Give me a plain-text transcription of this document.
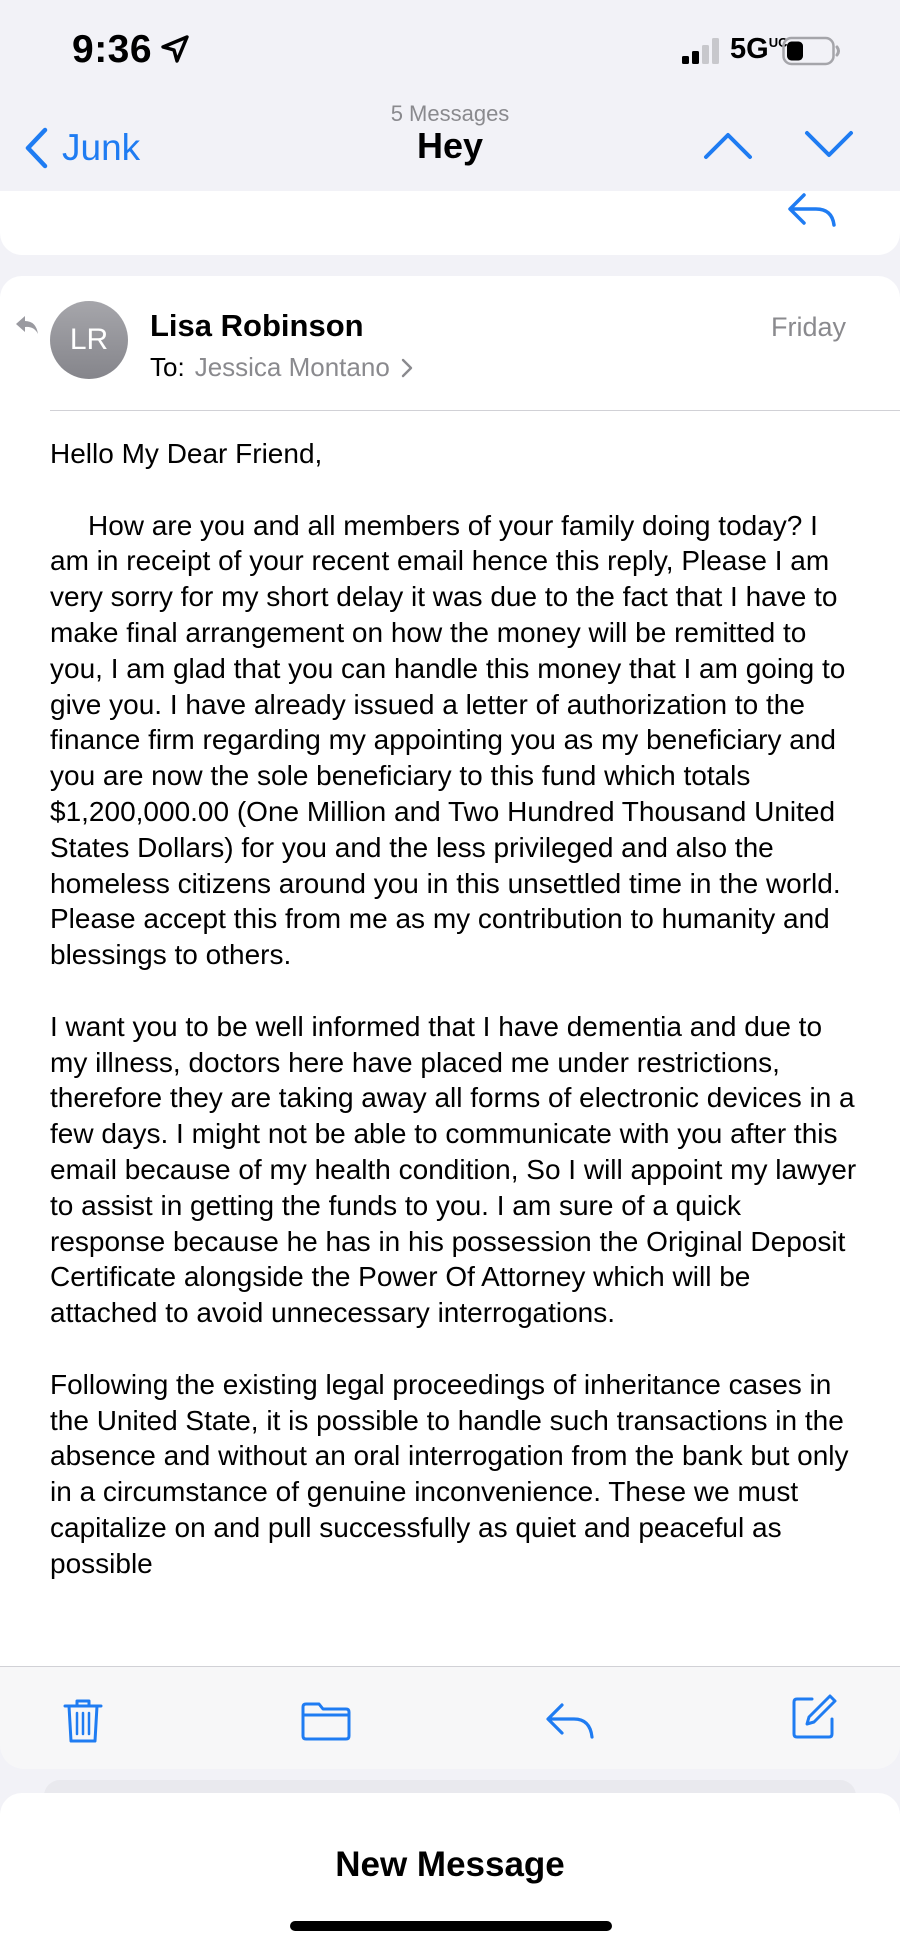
9:36	5GUC
Junk
5 Messages
Hey
LR	Lisa Robinson	Friday
To: Jessica Montano

Hello My Dear Friend,

How are you and all members of your family doing today? I am in receipt of your recent email hence this reply, Please I am very sorry for my short delay it was due to the fact that I have to make final arrangement on how the money will be remitted to you, I am glad that you can handle this money that I am going to give you. I have already issued a letter of authorization to the finance firm regarding my appointing you as my beneficiary and you are now the sole beneficiary to this fund which totals $1,200,000.00 (One Million and Two Hundred Thousand United States Dollars) for you and the less privileged and also the homeless citizens around you in this unsettled time in the world. Please accept this from me as my contribution to humanity and blessings to others.

I want you to be well informed that I have dementia and due to my illness, doctors here have placed me under restrictions, therefore they are taking away all forms of electronic devices in a few days. I might not be able to communicate with you after this email because of my health condition, So I will appoint my lawyer to assist in getting the funds to you. I am sure of a quick response because he has in his possession the Original Deposit Certificate alongside the Power Of Attorney which will be attached to avoid unnecessary interrogations.

Following the existing legal proceedings of inheritance cases in the United State, it is possible to handle such transactions in the absence and without an oral interrogation from the bank but only in a circumstance of genuine inconvenience. These we must capitalize on and pull successfully as quiet and peaceful as possible

New Message
